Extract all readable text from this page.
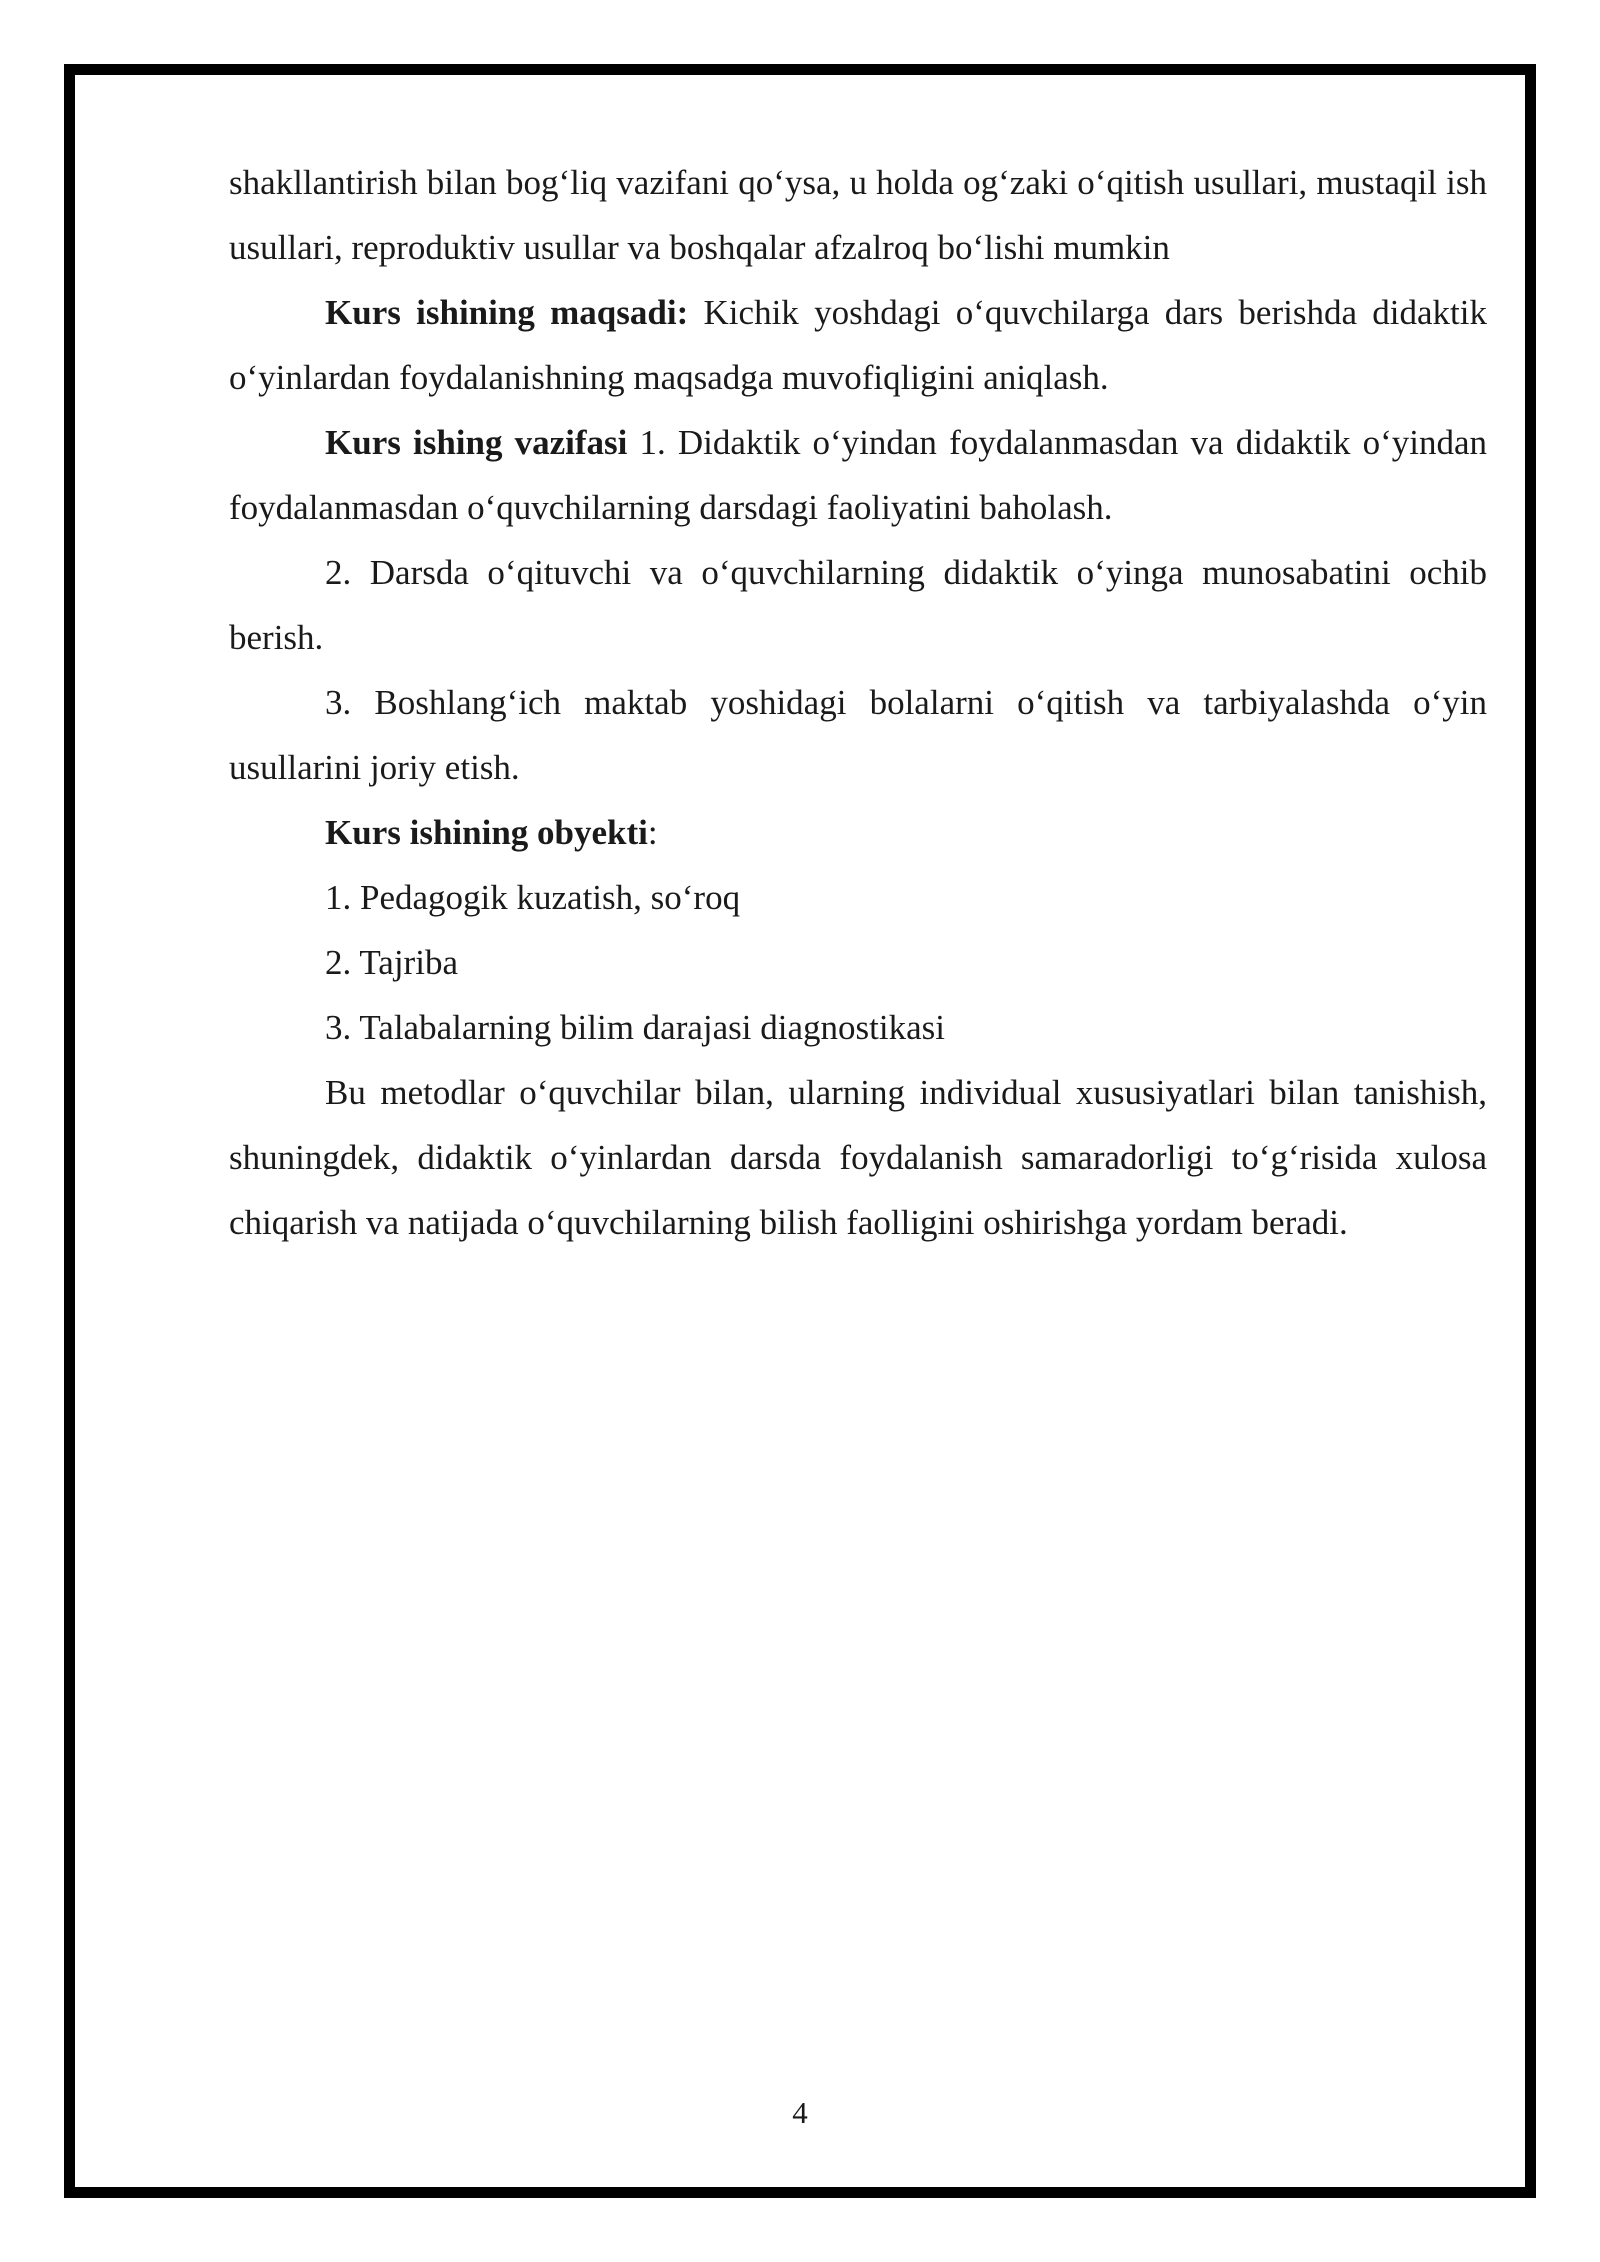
shakllantirish bilan bog‘liq vazifani qo‘ysa, u holda og‘zaki o‘qitish usullari, mustaqil ish usullari, reproduktiv usullar va boshqalar afzalroq bo‘lishi mumkin

Kurs ishining maqsadi: Kichik yoshdagi o‘quvchilarga dars berishda didaktik o‘yinlardan foydalanishning maqsadga muvofiqligini aniqlash.

Kurs ishing vazifasi 1. Didaktik o‘yindan foydalanmasdan va didaktik o‘yindan foydalanmasdan o‘quvchilarning darsdagi faoliyatini baholash.

2. Darsda o‘qituvchi va o‘quvchilarning didaktik o‘yinga munosabatini ochib berish.

3. Boshlang‘ich maktab yoshidagi bolalarni o‘qitish va tarbiyalashda o‘yin usullarini joriy etish.

Kurs ishining obyekti:

1. Pedagogik kuzatish, so‘roq

2. Tajriba

3. Talabalarning bilim darajasi diagnostikasi

Bu metodlar o‘quvchilar bilan, ularning individual xususiyatlari bilan tanishish, shuningdek, didaktik o‘yinlardan darsda foydalanish samaradorligi to‘g‘risida xulosa chiqarish va natijada o‘quvchilarning bilish faolligini oshirishga yordam beradi.

4
